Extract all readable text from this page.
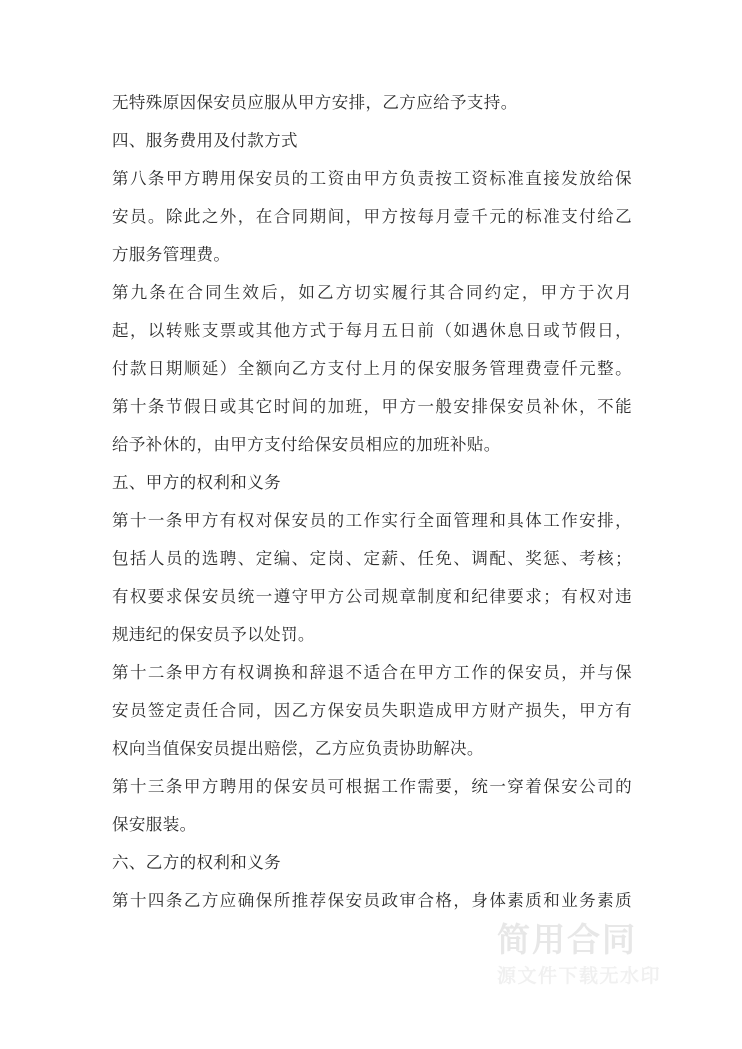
无特殊原因保安员应服从甲方安排，乙方应给予支持。
四、服务费用及付款方式
第八条甲方聘用保安员的工资由甲方负责按工资标准直接发放给保
安员。除此之外，在合同期间，甲方按每月壹千元的标准支付给乙
方服务管理费。
第九条在合同生效后，如乙方切实履行其合同约定，甲方于次月
起，以转账支票或其他方式于每月五日前（如遇休息日或节假日，
付款日期顺延）全额向乙方支付上月的保安服务管理费壹仟元整。
第十条节假日或其它时间的加班，甲方一般安排保安员补休，不能
给予补休的，由甲方支付给保安员相应的加班补贴。
五、甲方的权利和义务
第十一条甲方有权对保安员的工作实行全面管理和具体工作安排，
包括人员的选聘、定编、定岗、定薪、任免、调配、奖惩、考核；
有权要求保安员统一遵守甲方公司规章制度和纪律要求；有权对违
规违纪的保安员予以处罚。
第十二条甲方有权调换和辞退不适合在甲方工作的保安员，并与保
安员签定责任合同，因乙方保安员失职造成甲方财产损失，甲方有
权向当值保安员提出赔偿，乙方应负责协助解决。
第十三条甲方聘用的保安员可根据工作需要，统一穿着保安公司的
保安服装。
六、乙方的权利和义务
第十四条乙方应确保所推荐保安员政审合格，身体素质和业务素质
简用合同
源文件下载无水印
